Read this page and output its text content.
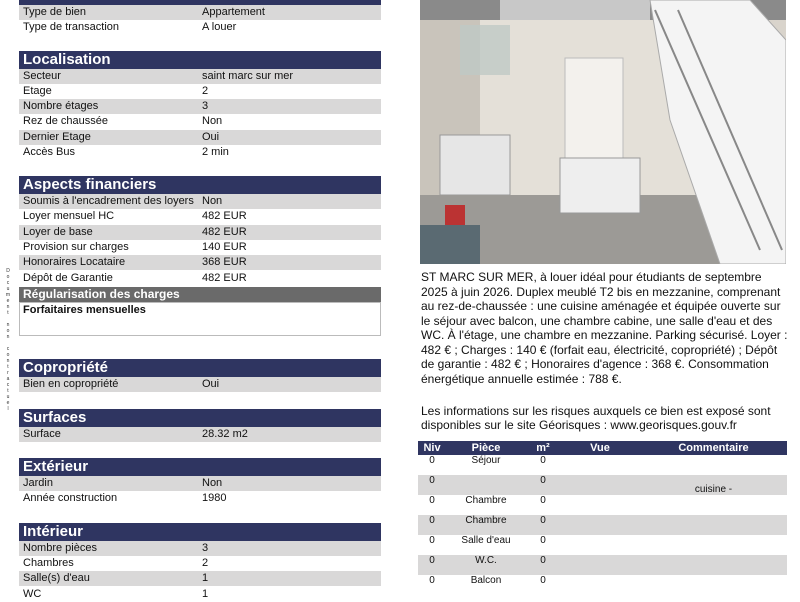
Type de bien	Appartement
Type de transaction	A louer
Localisation
Secteur	saint marc sur mer
Etage	2
Nombre étages	3
Rez de chaussée	Non
Dernier Etage	Oui
Accès Bus	2 min
Aspects financiers
Soumis à l'encadrement des loyers Non
Loyer mensuel HC	482 EUR
Loyer de base	482 EUR
Provision sur charges	140 EUR
Honoraires Locataire	368 EUR
Dépôt de Garantie	482 EUR
Régularisation des charges
Forfaitaires mensuelles
D
o
c
u
m
e
n
t

n
o
n

c
o
n
t
r
a
c
t
u
e
l
Copropriété
Bien en copropriété	Oui
Surfaces
Surface	28.32 m2
Extérieur
Jardin	Non
Année construction	1980
Intérieur
Nombre pièces	3
Chambres	2
Salle(s) d'eau	1
WC	1
ST MARC SUR MER, à louer idéal pour étudiants de septembre 2025 à juin 2026. Duplex meublé T2 bis en mezzanine, comprenant au rez-de-chaussée : une cuisine aménagée et équipée ouverte sur le séjour avec balcon, une chambre cabine, une salle d'eau et des WC. À l'étage, une chambre en mezzanine. Parking sécurisé. Loyer : 482 € ; Charges : 140 € (forfait eau, électricité, copropriété) ; Dépôt de garantie : 482 € ; Honoraires d'agence : 368 €. Consommation énergétique annuelle estimée : 788 €.
Les informations sur les risques auxquels ce bien est exposé sont disponibles sur le site Géorisques : www.georisques.gouv.fr
Niv	Pièce	m²	Vue	Commentaire
0	Séjour	0		
0		0		cuisine -
0	Chambre	0		
0	Chambre	0		
0	Salle d'eau	0		
0	W.C.	0		
0	Balcon	0		
